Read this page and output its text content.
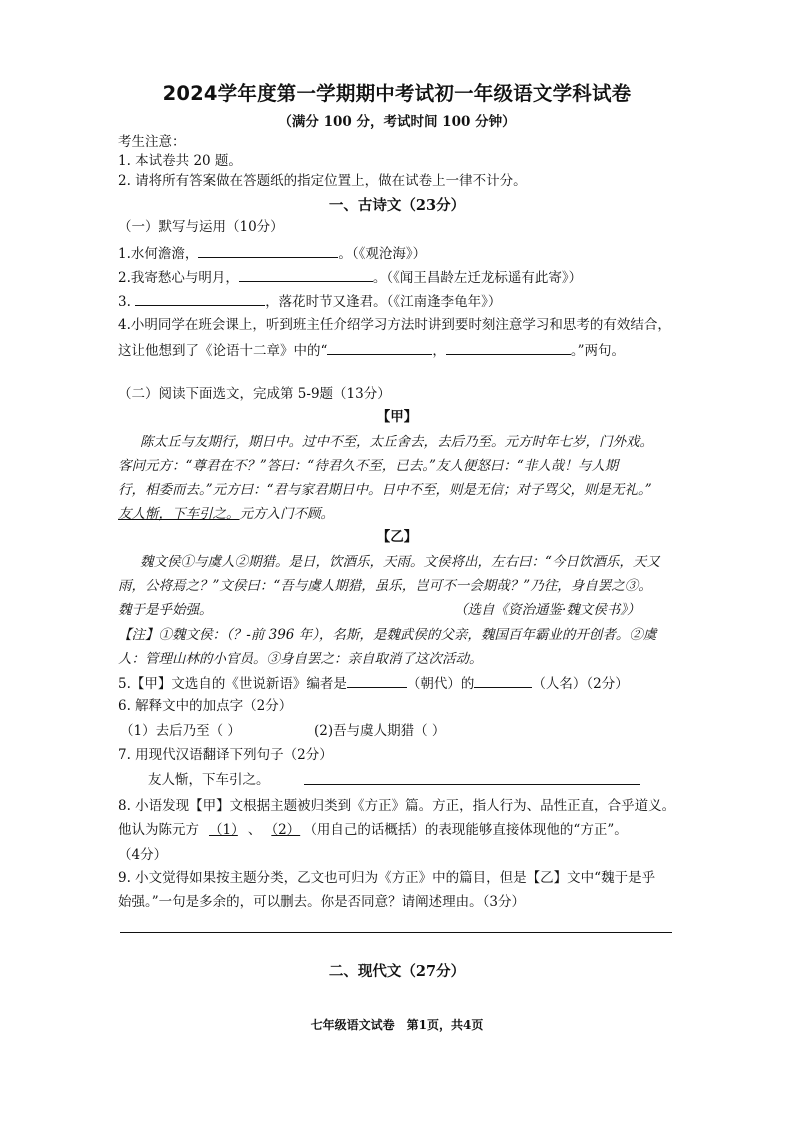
2024学年度第一学期期中考试初一年级语文学科试卷
（满分 100 分，考试时间 100 分钟）
考生注意：
1. 本试卷共 20 题。
2. 请将所有答案做在答题纸的指定位置上，做在试卷上一律不计分。
一、古诗文（23分）
（一）默写与运用（10分）
1.水何澹澹，	。（《观沧海》）
2.我寄愁心与明月，	。（《闻王昌龄左迁龙标遥有此寄》）
3.	，落花时节又逢君。（《江南逢李龟年》）
4.小明同学在班会课上，听到班主任介绍学习方法时讲到要时刻注意学习和思考的有效结合，
这让他想到了《论语十二章》中的“	，	。”两句。
（二）阅读下面选文，完成第 5-9题（13分）
【甲】
陈太丘与友期行，期日中。过中不至，太丘舍去，去后乃至。元方时年七岁，门外戏。
客问元方：“尊君在不？”答曰：“待君久不至，已去。”友人便怒曰：“非人哉！与人期
行，相委而去。”元方曰：“君与家君期日中。日中不至，则是无信；对子骂父，则是无礼。”
友人惭，下车引之。元方入门不顾。
【乙】
魏文侯①与虞人②期猎。是日，饮酒乐，天雨。文侯将出，左右曰：“今日饮酒乐，天又
雨，公将焉之？”文侯曰：“吾与虞人期猎，虽乐，岂可不一会期哉？”乃往，身自罢之③。
魏于是乎始强。	（选自《资治通鉴·魏文侯书》）
【注】①魏文侯：（？-前 396 年），名斯，是魏武侯的父亲，魏国百年霸业的开创者。②虞
人：管理山林的小官员。③身自罢之：亲自取消了这次活动。
5.【甲】文选自的《世说新语》编者是	（朝代）的	（人名）（2分）
6. 解释文中的加点字（2分）
（1）去后乃至（ ）	(2)吾与虞人期猎（ ）
7. 用现代汉语翻译下列句子（2分）
友人惭，下车引之。
8. 小语发现【甲】文根据主题被归类到《方正》篇。方正，指人行为、品性正直，合乎道义。
他认为陈元方 （1） 、 （2） （用自己的话概括）的表现能够直接体现他的“方正”。
（4分）
9. 小文觉得如果按主题分类，乙文也可归为《方正》中的篇目，但是【乙】文中“魏于是乎
始强。”一句是多余的，可以删去。你是否同意？请阐述理由。（3分）
二、现代文（27分）
七年级语文试卷　第1页，共4页
